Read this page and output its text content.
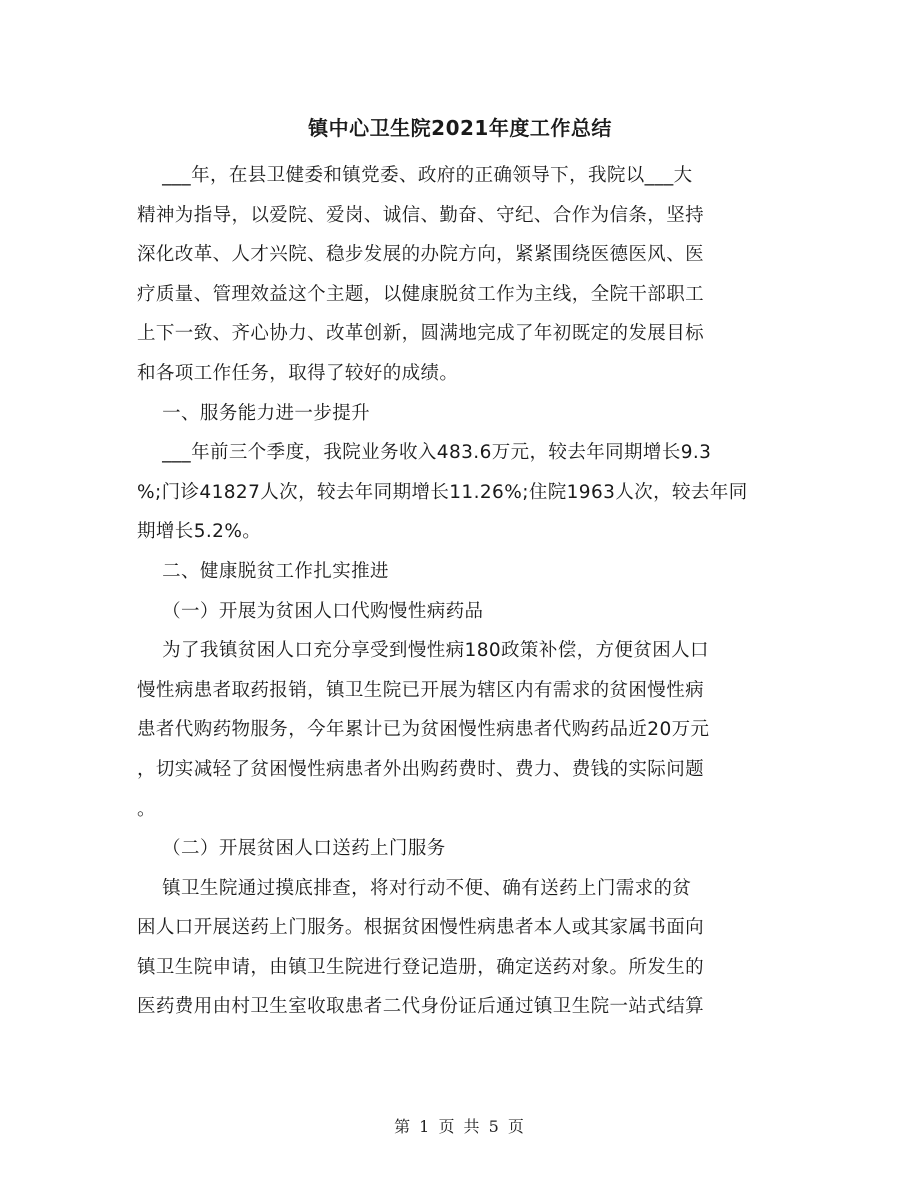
镇中心卫生院2021年度工作总结
___年，在县卫健委和镇党委、政府的正确领导下，我院以___大
精神为指导，以爱院、爱岗、诚信、勤奋、守纪、合作为信条，坚持
深化改革、人才兴院、稳步发展的办院方向，紧紧围绕医德医风、医
疗质量、管理效益这个主题，以健康脱贫工作为主线，全院干部职工
上下一致、齐心协力、改革创新，圆满地完成了年初既定的发展目标
和各项工作任务，取得了较好的成绩。
一、服务能力进一步提升
___年前三个季度，我院业务收入483.6万元，较去年同期增长9.3
%;门诊41827人次，较去年同期增长11.26%;住院1963人次，较去年同
期增长5.2%。
二、健康脱贫工作扎实推进
（一）开展为贫困人口代购慢性病药品
为了我镇贫困人口充分享受到慢性病180政策补偿，方便贫困人口
慢性病患者取药报销，镇卫生院已开展为辖区内有需求的贫困慢性病
患者代购药物服务，今年累计已为贫困慢性病患者代购药品近20万元
，切实减轻了贫困慢性病患者外出购药费时、费力、费钱的实际问题
。
（二）开展贫困人口送药上门服务
镇卫生院通过摸底排查，将对行动不便、确有送药上门需求的贫
困人口开展送药上门服务。根据贫困慢性病患者本人或其家属书面向
镇卫生院申请，由镇卫生院进行登记造册，确定送药对象。所发生的
医药费用由村卫生室收取患者二代身份证后通过镇卫生院一站式结算
第 1 页 共 5 页
